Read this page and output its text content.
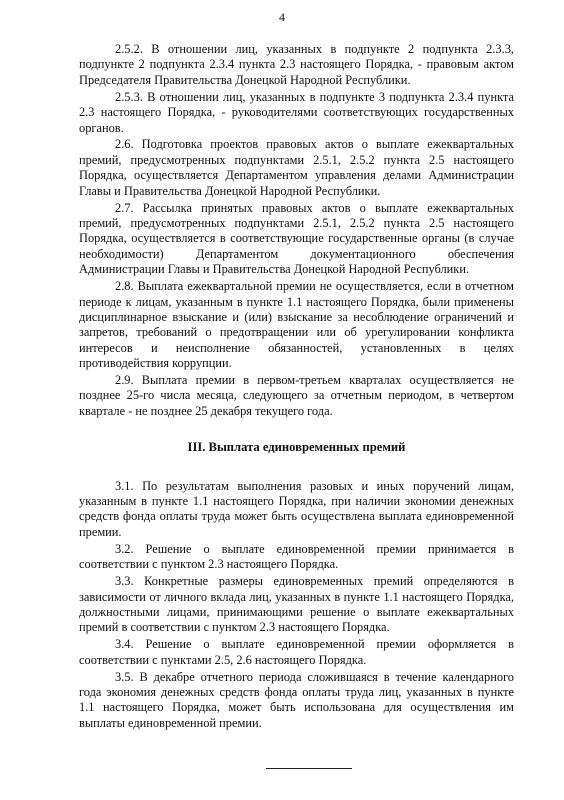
4

2.5.2. В отношении лиц, указанных в подпункте 2 подпункта 2.3.3, подпункте 2 подпункта 2.3.4 пункта 2.3 настоящего Порядка, - правовым актом Председателя Правительства Донецкой Народной Республики.

2.5.3. В отношении лиц, указанных в подпункте 3 подпункта 2.3.4 пункта 2.3 настоящего Порядка, - руководителями соответствующих государственных органов.

2.6. Подготовка проектов правовых актов о выплате ежеквартальных премий, предусмотренных подпунктами 2.5.1, 2.5.2 пункта 2.5 настоящего Порядка, осуществляется Департаментом управления делами Администрации Главы и Правительства Донецкой Народной Республики.

2.7. Рассылка принятых правовых актов о выплате ежеквартальных премий, предусмотренных подпунктами 2.5.1, 2.5.2 пункта 2.5 настоящего Порядка, осуществляется в соответствующие государственные органы (в случае необходимости) Департаментом документационного обеспечения Администрации Главы и Правительства Донецкой Народной Республики.

2.8. Выплата ежеквартальной премии не осуществляется, если в отчетном периоде к лицам, указанным в пункте 1.1 настоящего Порядка, были применены дисциплинарное взыскание и (или) взыскание за несоблюдение ограничений и запретов, требований о предотвращении или об урегулировании конфликта интересов и неисполнение обязанностей, установленных в целях противодействия коррупции.

2.9. Выплата премии в первом-третьем кварталах осуществляется не позднее 25-го числа месяца, следующего за отчетным периодом, в четвертом квартале - не позднее 25 декабря текущего года.

III. Выплата единовременных премий

3.1. По результатам выполнения разовых и иных поручений лицам, указанным в пункте 1.1 настоящего Порядка, при наличии экономии денежных средств фонда оплаты труда может быть осуществлена выплата единовременной премии.

3.2. Решение о выплате единовременной премии принимается в соответствии с пунктом 2.3 настоящего Порядка.

3.3. Конкретные размеры единовременных премий определяются в зависимости от личного вклада лиц, указанных в пункте 1.1 настоящего Порядка, должностными лицами, принимающими решение о выплате ежеквартальных премий в соответствии с пунктом 2.3 настоящего Порядка.

3.4. Решение о выплате единовременной премии оформляется в соответствии с пунктами 2.5, 2.6 настоящего Порядка.

3.5. В декабре отчетного периода сложившаяся в течение календарного года экономия денежных средств фонда оплаты труда лиц, указанных в пункте 1.1 настоящего Порядка, может быть использована для осуществления им выплаты единовременной премии.
